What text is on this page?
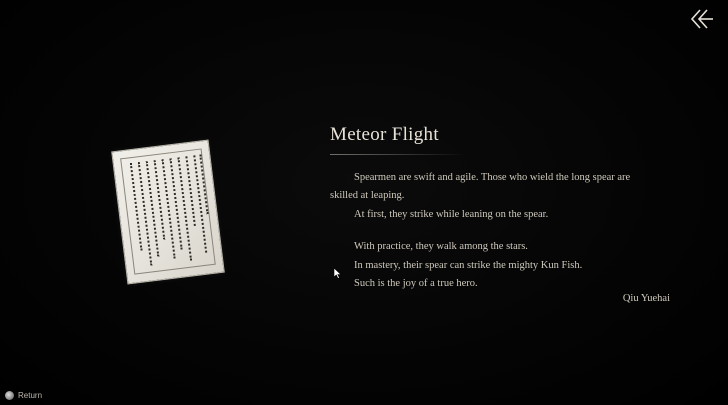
Meteor Flight
Spearmen are swift and agile. Those who wield the long spear are
skilled at leaping.
At first, they strike while leaning on the spear.
With practice, they walk among the stars.
In mastery, their spear can strike the mighty Kun Fish.
Such is the joy of a true hero.
Qiu Yuehai
Return
